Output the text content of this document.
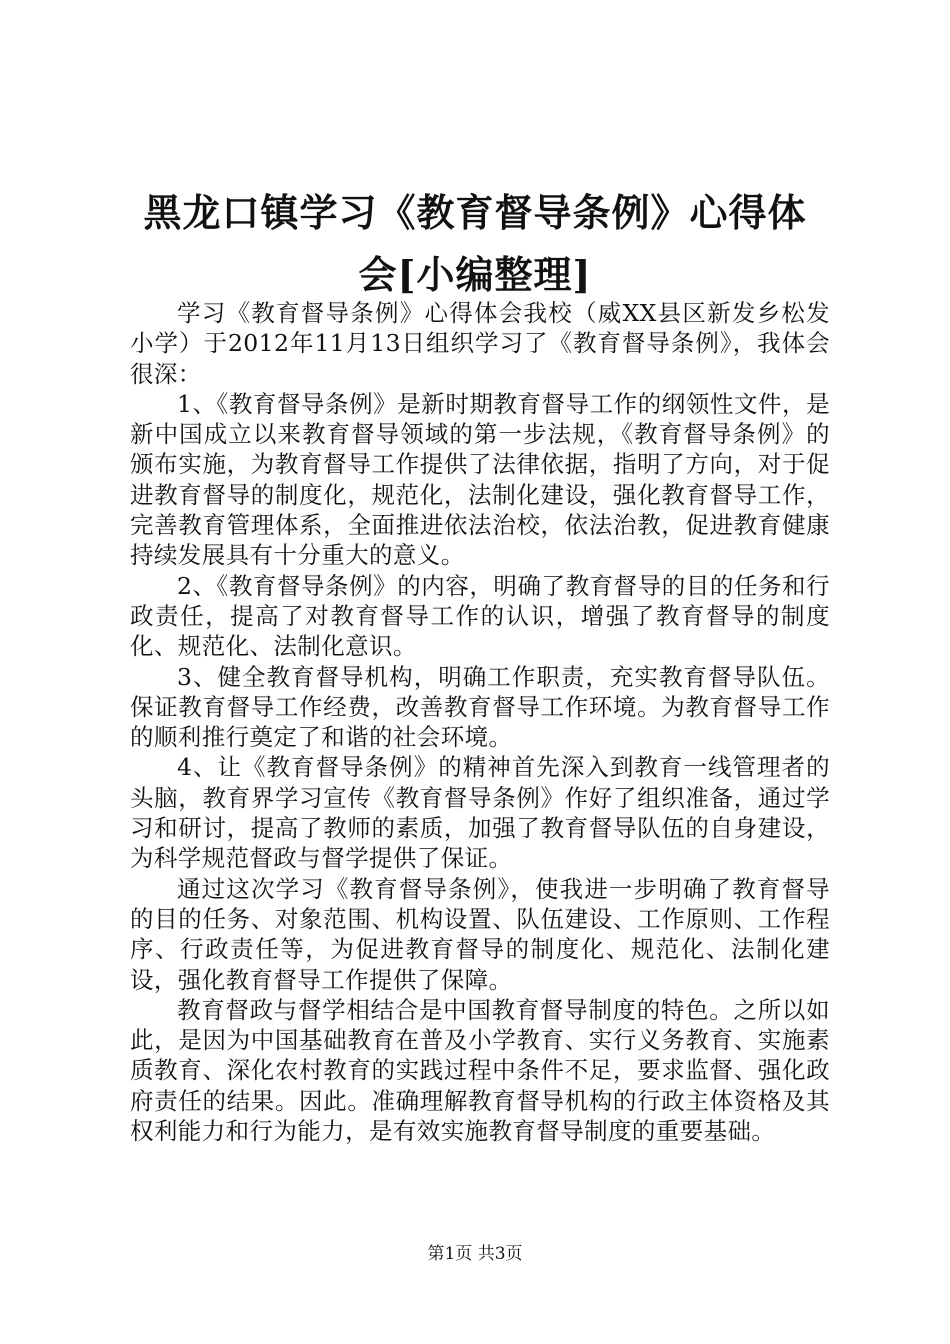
黑龙口镇学习《教育督导条例》心得体会[小编整理]

学习《教育督导条例》心得体会我校（威XX县区新发乡松发小学）于2012年11月13日组织学习了《教育督导条例》，我体会很深：

1、《教育督导条例》是新时期教育督导工作的纲领性文件，是新中国成立以来教育督导领域的第一步法规，《教育督导条例》的颁布实施，为教育督导工作提供了法律依据，指明了方向，对于促进教育督导的制度化，规范化，法制化建设，强化教育督导工作，完善教育管理体系，全面推进依法治校，依法治教，促进教育健康持续发展具有十分重大的意义。

2、《教育督导条例》的内容，明确了教育督导的目的任务和行政责任，提高了对教育督导工作的认识，增强了教育督导的制度化、规范化、法制化意识。

3、健全教育督导机构，明确工作职责，充实教育督导队伍。保证教育督导工作经费，改善教育督导工作环境。为教育督导工作的顺利推行奠定了和谐的社会环境。

4、让《教育督导条例》的精神首先深入到教育一线管理者的头脑，教育界学习宣传《教育督导条例》作好了组织准备，通过学习和研讨，提高了教师的素质，加强了教育督导队伍的自身建设，为科学规范督政与督学提供了保证。

通过这次学习《教育督导条例》，使我进一步明确了教育督导的目的任务、对象范围、机构设置、队伍建设、工作原则、工作程序、行政责任等，为促进教育督导的制度化、规范化、法制化建设，强化教育督导工作提供了保障。

教育督政与督学相结合是中国教育督导制度的特色。之所以如此，是因为中国基础教育在普及小学教育、实行义务教育、实施素质教育、深化农村教育的实践过程中条件不足，要求监督、强化政府责任的结果。因此。准确理解教育督导机构的行政主体资格及其权利能力和行为能力，是有效实施教育督导制度的重要基础。

第1页 共3页
